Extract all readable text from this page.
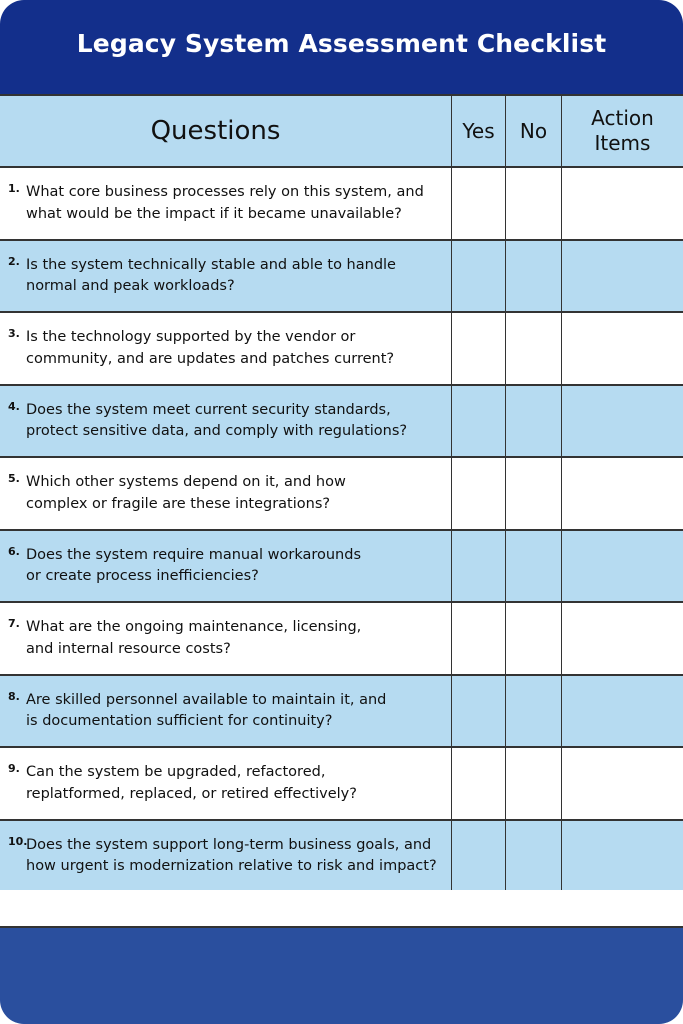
Legacy System Assessment Checklist
Questions	Yes	No
Action
Items
1. What core business processes rely on this system, and
what would be the impact if it became unavailable?
2. Is the system technically stable and able to handle
normal and peak workloads?
3. Is the technology supported by the vendor or
community, and are updates and patches current?
4. Does the system meet current security standards,
protect sensitive data, and comply with regulations?
5. Which other systems depend on it, and how
complex or fragile are these integrations?
6. Does the system require manual workarounds
or create process inefficiencies?
7. What are the ongoing maintenance, licensing,
and internal resource costs?
8. Are skilled personnel available to maintain it, and
is documentation sufficient for continuity?
9. Can the system be upgraded, refactored,
replatformed, replaced, or retired effectively?
10.
Does the system support long-term business goals, and
how urgent is modernization relative to risk and impact?
